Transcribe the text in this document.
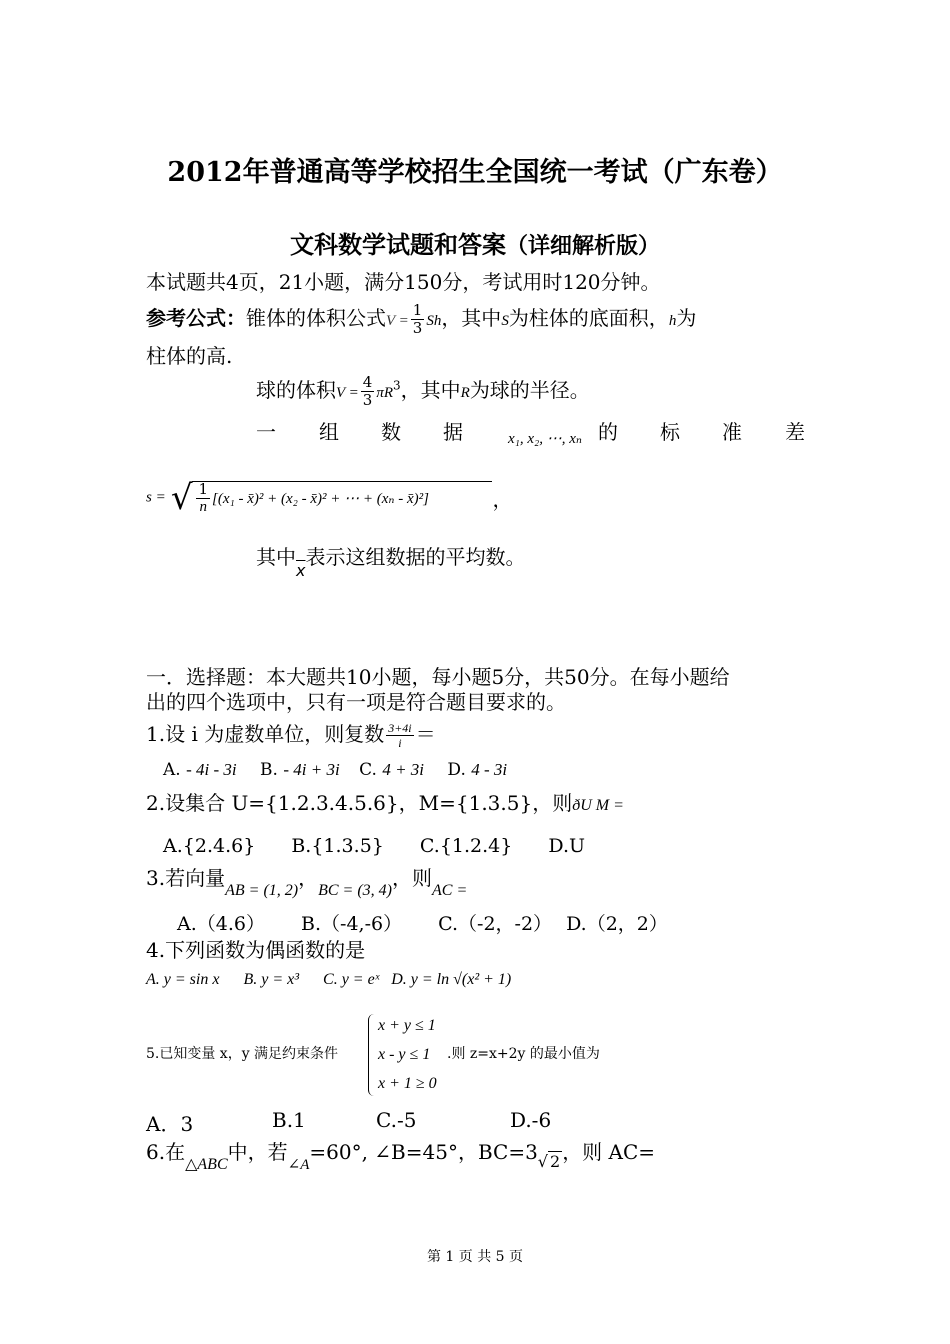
2012年普通高等学校招生全国统一考试（广东卷）
文科数学试题和答案（详细解析版）
本试题共4页，21小题，满分150分，考试用时120分钟。
参考公式：锥体的体积公式$V = \frac{1}{3}$ Sh，其中S为柱体的底面积，h为
柱体的高.
球的体积$V = \frac{4}{3} \pi R^3$，其中R为球的半径。
一 组 数 据	x₁, x₂, ⋯, xₙ 的 标 准 差
s = √ $\frac{1}{n} [(x_1$ - x̄)² + (x₂ - x̄)² + ⋯ + (xₙ - x̄)²]	，
其中$_{\overline{x}}$表示这组数据的平均数。
一．选择题：本大题共10小题，每小题5分，共50分。在每小题给
出的四个选项中，只有一项是符合题目要求的。
1.设 i 为虚数单位，则复数 $\frac{3+4i}{i}$ ＝
A. - 4i - 3i B. - 4i + 3i C. 4 + 3i D. 4 - 3i
2.设集合 U={1.2.3.4.5.6}，M={1.3.5}，则ðU M =
A.{2.4.6} B.{1.3.5} C.{1.2.4} D.U
3.若向量$_{AB = (1, 2)}$，$_{BC = (3, 4)}$，则$_{AC =}$
A.（4.6） B.（-4,-6） C.（-2，-2） D.（2，2）
4.下列函数为偶函数的是
A. y = sin x B. y = x³ C. y = eˣ D. y = ln √(x² + 1)
5.已知变量 x，y 满足约束条件
x + y ≤ 1
x - y ≤ 1
x + 1 ≥ 0
.则 z=x+2y 的最小值为
A．3	B.1	C.-5	D.-6
6.在$_{\triangle ABC}$中，若$_{\angle A}$=60°, ∠B=45°，$BC=3_{√ 2}$ ，则 AC=
第 1 页 共 5 页
